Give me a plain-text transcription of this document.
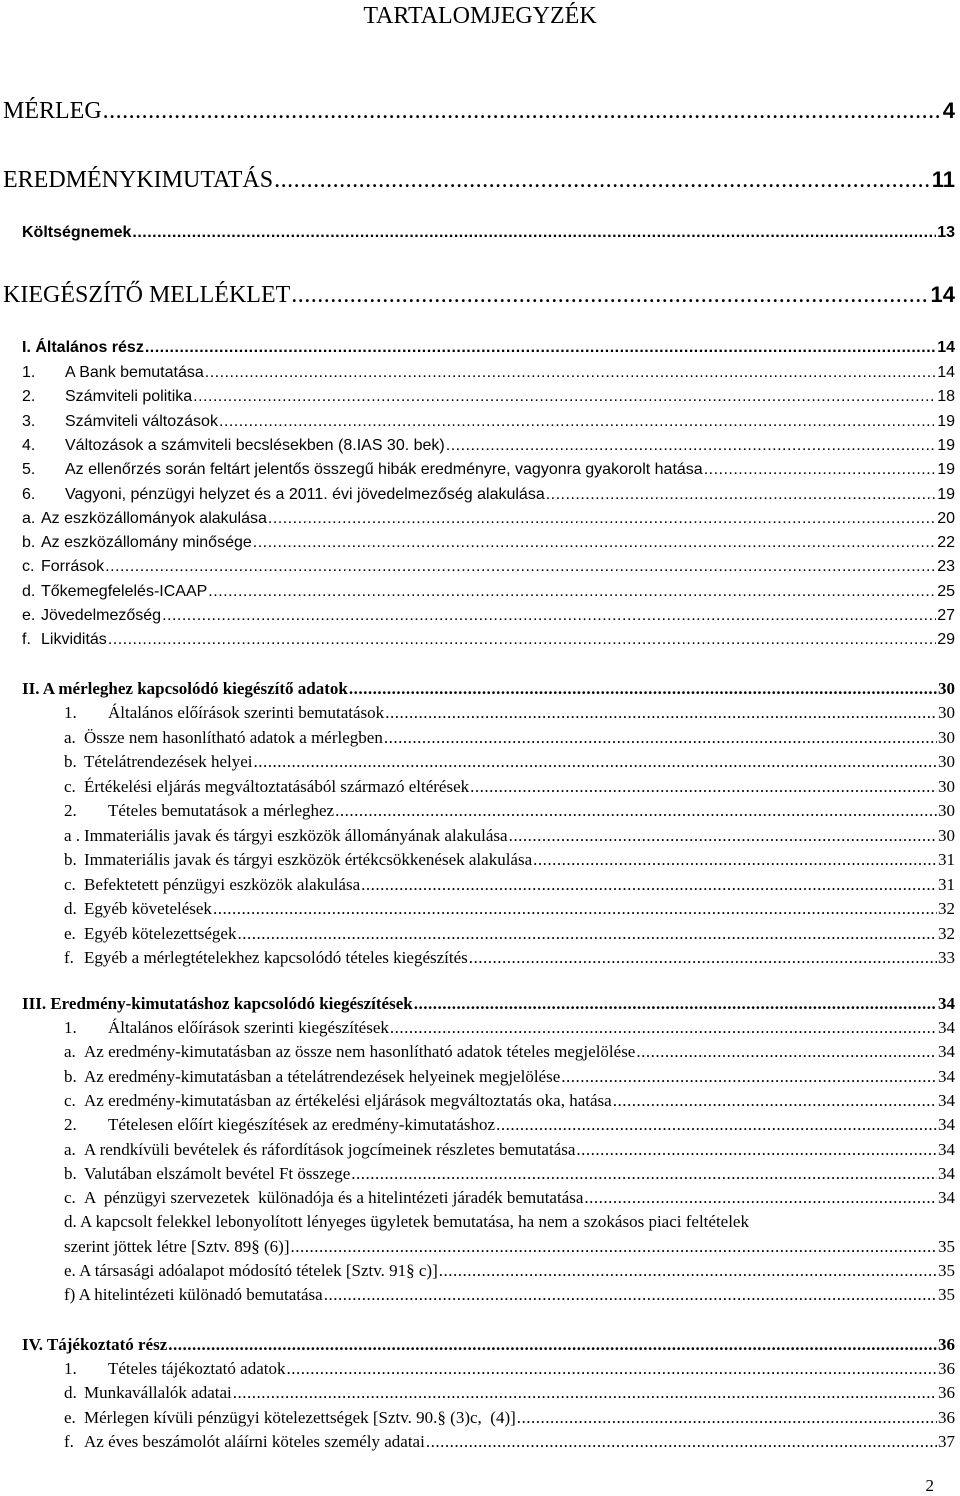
TARTALOMJEGYZÉK
MÉRLEG .....	4
EREDMÉNYKIMUTATÁS .....	11
Költségnemek .....	13
KIEGÉSZÍTŐ MELLÉKLET .....	14
I. Általános rész .....	14
1.	A Bank bemutatása .....	14
2.	Számviteli politika .....	18
3.	Számviteli változások .....	19
4.	Változások a számviteli becslésekben (8.IAS 30. bek) .....	19
5.	Az ellenőrzés során feltárt jelentős összegű hibák eredményre, vagyonra gyakorolt hatása .....	19
6.	Vagyoni, pénzügyi helyzet és a 2011. évi jövedelmezőség alakulása .....	19
a. Az eszközállományok alakulása .....	20
b. Az eszközállomány minősége .....	22
c. Források .....	23
d. Tőkemegfelelés-ICAAP .....	25
e. Jövedelmezőség .....	27
f. Likviditás .....	29
II. A mérleghez kapcsolódó kiegészítő adatok .....	30
1.	Általános előírások szerinti bemutatások .....	30
a. Össze nem hasonlítható adatok a mérlegben .....	30
b. Tételátrendezések helyei .....	30
c. Értékelési eljárás megváltoztatásából származó eltérések .....	30
2.	Tételes bemutatások a mérleghez .....	30
a . Immateriális javak és tárgyi eszközök állományának alakulása .....	30
b. Immateriális javak és tárgyi eszközök értékcsökkenések alakulása .....	31
c. Befektetett pénzügyi eszközök alakulása .....	31
d. Egyéb követelések .....	32
e. Egyéb kötelezettségek .....	32
f. Egyéb a mérlegtételekhez kapcsolódó tételes kiegészítés .....	33
III. Eredmény-kimutatáshoz kapcsolódó kiegészítések .....	34
1.	Általános előírások szerinti kiegészítések .....	34
a. Az eredmény-kimutatásban az össze nem hasonlítható adatok tételes megjelölése .....	34
b. Az eredmény-kimutatásban a tételátrendezések helyeinek megjelölése .....	34
c. Az eredmény-kimutatásban az értékelési eljárások megváltoztatás oka, hatása .....	34
2.	Tételesen előírt kiegészítések az eredmény-kimutatáshoz .....	34
a. A rendkívüli bevételek és ráfordítások jogcímeinek részletes bemutatása .....	34
b. Valutában elszámolt bevétel Ft összege .....	34
c. A  pénzügyi szervezetek  különadója és a hitelintézeti járadék bemutatása .....	34
d. A kapcsolt felekkel lebonyolított lényeges ügyletek bemutatása, ha nem a szokásos piaci feltételek
szerint jöttek létre [Sztv. 89§ (6)] .....	35
e. A társasági adóalapot módosító tételek [Sztv. 91§ c)] .....	35
f) A hitelintézeti különadó bemutatása .....	35
IV. Tájékoztató rész .....	36
1.	Tételes tájékoztató adatok .....	36
d. Munkavállalók adatai .....	36
e. Mérlegen kívüli pénzügyi kötelezettségek [Sztv. 90.§ (3)c,  (4)] .....	36
f. Az éves beszámolót aláírni köteles személy adatai .....	37
2
